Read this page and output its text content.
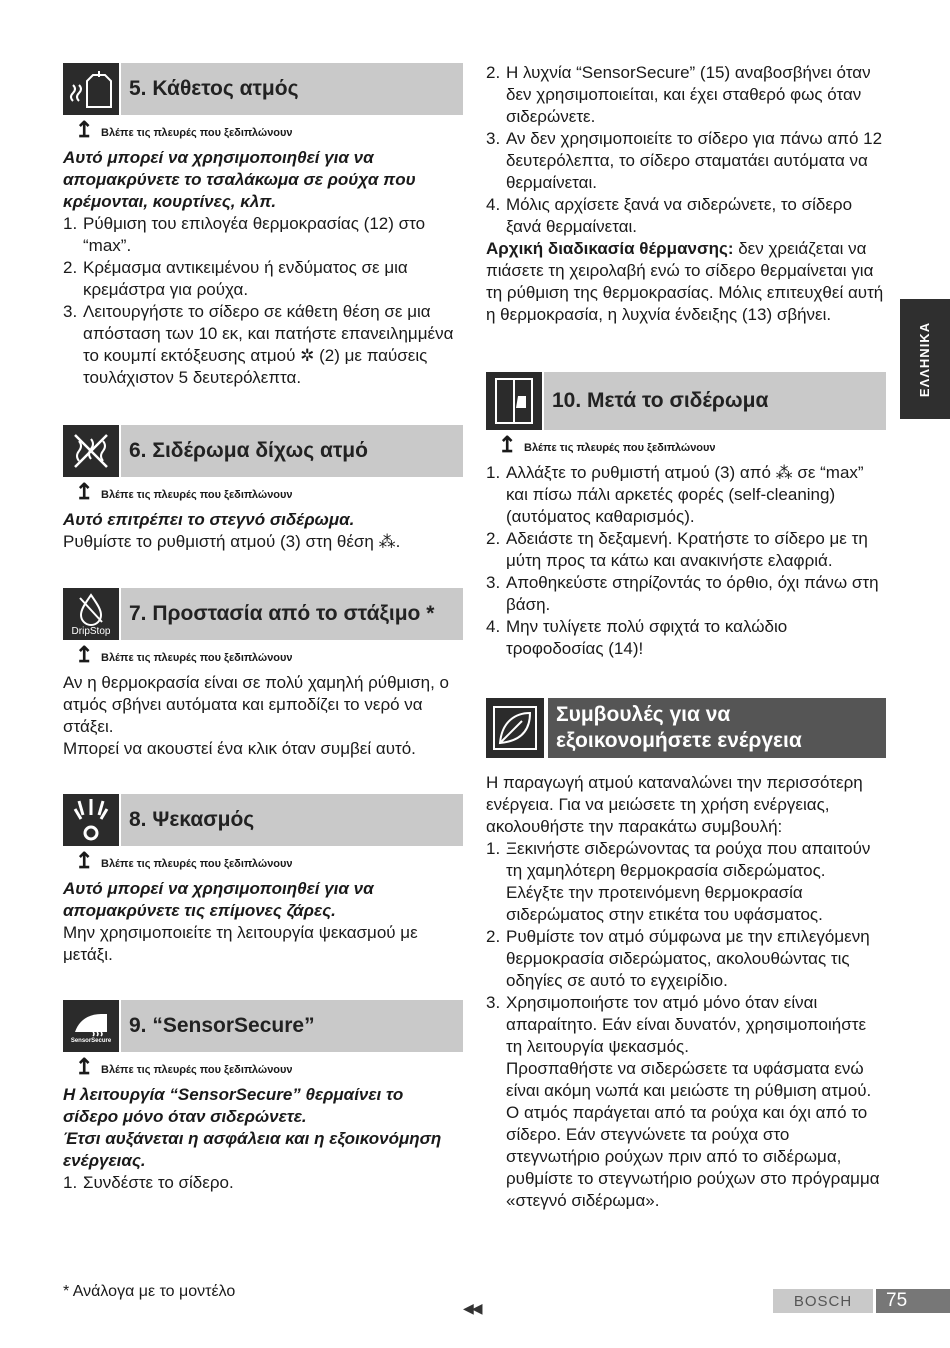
5. Κάθετος ατμός
↥ Βλέπε τις πλευρές που ξεδιπλώνουν

Αυτό μπορεί να χρησιμοποιηθεί για να απομακρύνετε το τσαλάκωμα σε ρούχα που κρέμονται, κουρτίνες, κλπ.

1. Ρύθμιση του επιλογέα θερμοκρασίας (12) στο “max”.
2. Κρέμασμα αντικειμένου ή ενδύματος σε μια κρεμάστρα για ρούχα.
3. Λειτουργήστε το σίδερο σε κάθετη θέση σε μια απόσταση των 10 εκ, και πατήστε επανειλημμένα το κουμπί εκτόξευσης ατμού ✲ (2) με παύσεις τουλάχιστον 5 δευτερόλεπτα.
6. Σιδέρωμα δίχως ατμό
↥ Βλέπε τις πλευρές που ξεδιπλώνουν

Αυτό επιτρέπει το στεγνό σιδέρωμα.

Ρυθμίστε το ρυθμιστή ατμού (3) στη θέση ⁂.

DripStop
7. Προστασία από το στάξιμο *
↥ Βλέπε τις πλευρές που ξεδιπλώνουν

Αν η θερμοκρασία είναι σε πολύ χαμηλή ρύθμιση, ο ατμός σβήνει αυτόματα και εμποδίζει το νερό να στάξει.

Μπορεί να ακουστεί ένα κλικ όταν συμβεί αυτό.

8. Ψεκασμός
↥ Βλέπε τις πλευρές που ξεδιπλώνουν

Αυτό μπορεί να χρησιμοποιηθεί για να απομακρύνετε τις επίμονες ζάρες.

Μην χρησιμοποιείτε τη λειτουργία ψεκασμού με μετάξι.

SensorSecure
9. “SensorSecure”
↥ Βλέπε τις πλευρές που ξεδιπλώνουν

Η λειτουργία “SensorSecure” θερμαίνει το σίδερο μόνο όταν σιδερώνετε.

Έτσι αυξάνεται η ασφάλεια και η εξοικονόμηση ενέργειας.

1. Συνδέστε το σίδερο.
2. Η λυχνία “SensorSecure” (15) αναβοσβήνει όταν δεν χρησιμοποιείται, και έχει σταθερό φως όταν σιδερώνετε.
3. Αν δεν χρησιμοποιείτε το σίδερο για πάνω από 12 δευτερόλεπτα, το σίδερο σταματάει αυτόματα να θερμαίνεται.
4. Μόλις αρχίσετε ξανά να σιδερώνετε, το σίδερο ξανά θερμαίνεται.

Αρχική διαδικασία θέρμανσης: δεν χρειάζεται να πιάσετε τη χειρολαβή ενώ το σίδερο θερμαίνεται για τη ρύθμιση της θερμοκρασίας. Μόλις επιτευχθεί αυτή η θερμοκρασία, η λυχνία ένδειξης (13) σβήνει.

10. Μετά το σιδέρωμα
↥ Βλέπε τις πλευρές που ξεδιπλώνουν
1. Αλλάξτε το ρυθμιστή ατμού (3) από ⁂ σε “max” και πίσω πάλι αρκετές φορές (self-cleaning) (αυτόματος καθαρισμός).
2. Αδειάστε τη δεξαμενή. Κρατήστε το σίδερο με τη μύτη προς τα κάτω και ανακινήστε ελαφριά.
3. Αποθηκεύστε στηρίζοντάς το όρθιο, όχι πάνω στη βάση.
4. Μην τυλίγετε πολύ σφιχτά το καλώδιο τροφοδοσίας (14)!
Συμβουλές για να
εξοικονομήσετε ενέργεια

Η παραγωγή ατμού καταναλώνει την περισσότερη ενέργεια. Για να μειώσετε τη χρήση ενέργειας, ακολουθήστε την παρακάτω συμβουλή:

1. Ξεκινήστε σιδερώνοντας τα ρούχα που απαιτούν τη χαμηλότερη θερμοκρασία σιδερώματος. Ελέγξτε την προτεινόμενη θερμοκρασία σιδερώματος στην ετικέτα του υφάσματος.
2. Ρυθμίστε τον ατμό σύμφωνα με την επιλεγόμενη θερμοκρασία σιδερώματος, ακολουθώντας τις οδηγίες σε αυτό το εγχειρίδιο.
3. Χρησιμοποιήστε τον ατμό μόνο όταν είναι απαραίτητο. Εάν είναι δυνατόν, χρησιμοποιήστε τη λειτουργία ψεκασμός.

Προσπαθήστε να σιδερώσετε τα υφάσματα ενώ είναι ακόμη νωπά και μειώστε τη ρύθμιση ατμού. Ο ατμός παράγεται από τα ρούχα και όχι από το σίδερο. Εάν στεγνώνετε τα ρούχα στο στεγνωτήριο ρούχων πριν από το σιδέρωμα, ρυθμίστε το στεγνωτήριο ρούχων στο πρόγραμμα «στεγνό σιδέρωμα».

ΕΛΛΗΝΙΚΑ
* Ανάλογα με το μοντέλο
◀◀	BOSCH	75
